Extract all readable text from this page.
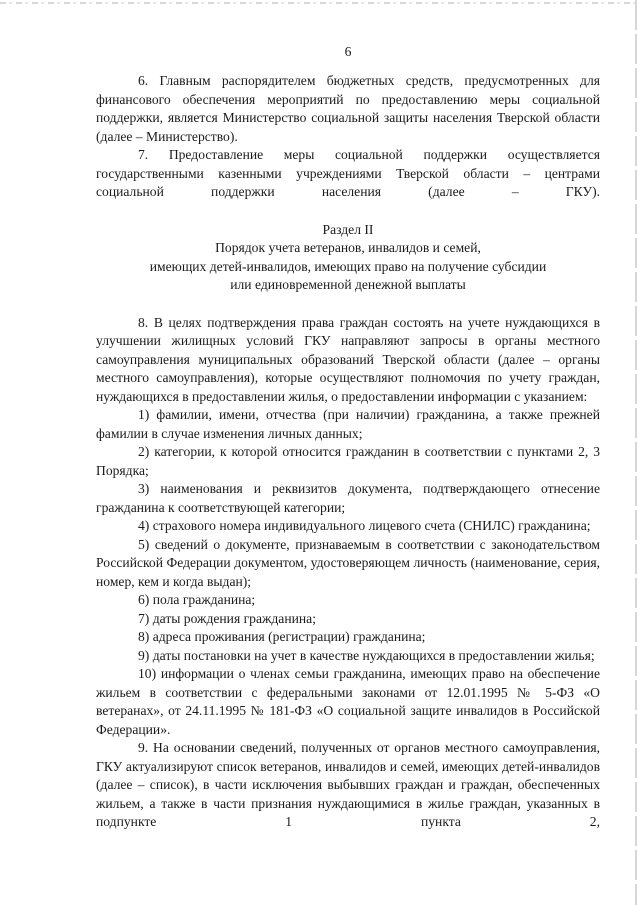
6

6. Главным распорядителем бюджетных средств, предусмотренных для финансового обеспечения мероприятий по предоставлению меры социальной поддержки, является Министерство социальной защиты населения Тверской области (далее – Министерство).

7. Предоставление меры социальной поддержки осуществляется государственными казенными учреждениями Тверской области – центрами социальной поддержки населения (далее – ГКУ).

Раздел II

Порядок учета ветеранов, инвалидов и семей,

имеющих детей-инвалидов, имеющих право на получение субсидии

или единовременной денежной выплаты

8. В целях подтверждения права граждан состоять на учете нуждающихся в улучшении жилищных условий ГКУ направляют запросы в органы местного самоуправления муниципальных образований Тверской области (далее – органы местного самоуправления), которые осуществляют полномочия по учету граждан, нуждающихся в предоставлении жилья, о предоставлении информации с указанием:

1) фамилии, имени, отчества (при наличии) гражданина, а также прежней фамилии в случае изменения личных данных;

2) категории, к которой относится гражданин в соответствии с пунктами 2, 3 Порядка;

3) наименования и реквизитов документа, подтверждающего отнесение гражданина к соответствующей категории;

4) страхового номера индивидуального лицевого счета (СНИЛС) гражданина;

5) сведений о документе, признаваемым в соответствии с законодательством Российской Федерации документом, удостоверяющем личность (наименование, серия, номер, кем и когда выдан);

6) пола гражданина;

7) даты рождения гражданина;

8) адреса проживания (регистрации) гражданина;

9) даты постановки на учет в качестве нуждающихся в предоставлении жилья;

10) информации о членах семьи гражданина, имеющих право на обеспечение жильем в соответствии с федеральными законами от 12.01.1995 № 5-ФЗ «О ветеранах», от 24.11.1995 № 181-ФЗ «О социальной защите инвалидов в Российской Федерации».

9. На основании сведений, полученных от органов местного самоуправления, ГКУ актуализируют список ветеранов, инвалидов и семей, имеющих детей-инвалидов (далее – список), в части исключения выбывших граждан и граждан, обеспеченных жильем, а также в части признания нуждающимися в жилье граждан, указанных в подпункте 1 пункта 2,
